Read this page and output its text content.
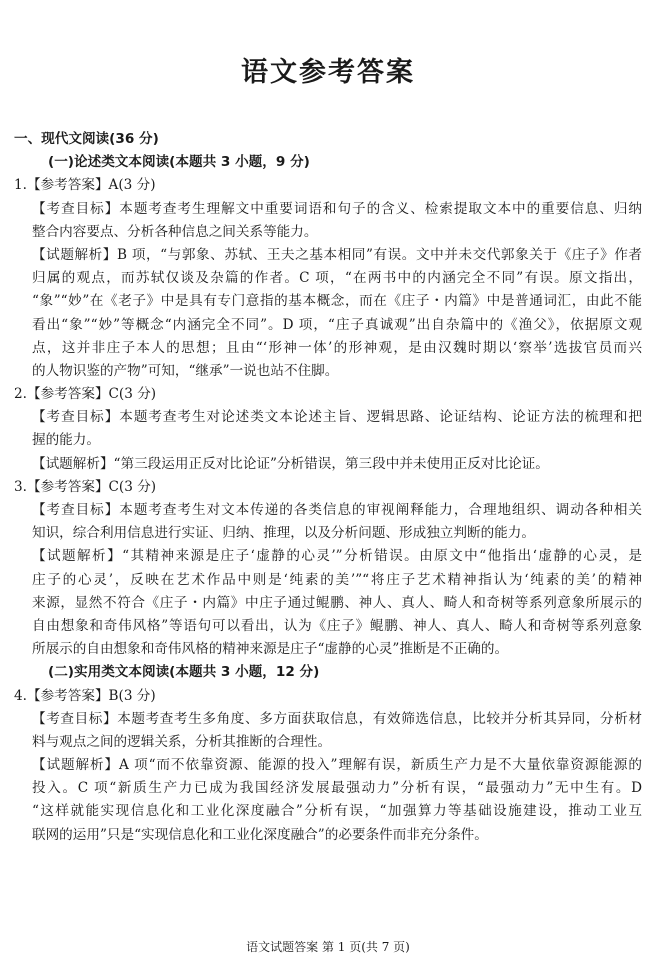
语文参考答案
一、现代文阅读(36 分)
(一)论述类文本阅读(本题共 3 小题，9 分)
1.【参考答案】A(3 分)
【考查目标】本题考查考生理解文中重要词语和句子的含义、检索提取文本中的重要信息、归纳
整合内容要点、分析各种信息之间关系等能力。
【试题解析】B 项，“与郭象、苏轼、王夫之基本相同”有误。文中并未交代郭象关于《庄子》作者
归属的观点，而苏轼仅谈及杂篇的作者。C 项，“在两书中的内涵完全不同”有误。原文指出，
“象”“妙”在《老子》中是具有专门意指的基本概念，而在《庄子・内篇》中是普通词汇，由此不能
看出“象”“妙”等概念“内涵完全不同”。D 项，“庄子真诚观”出自杂篇中的《渔父》，依据原文观
点，这并非庄子本人的思想；且由“‘形神一体’的形神观，是由汉魏时期以‘察举’选拔官员而兴
的人物识鉴的产物”可知，“继承”一说也站不住脚。
2.【参考答案】C(3 分)
【考查目标】本题考查考生对论述类文本论述主旨、逻辑思路、论证结构、论证方法的梳理和把
握的能力。
【试题解析】“第三段运用正反对比论证”分析错误，第三段中并未使用正反对比论证。
3.【参考答案】C(3 分)
【考查目标】本题考查考生对文本传递的各类信息的审视阐释能力，合理地组织、调动各种相关
知识，综合利用信息进行实证、归纳、推理，以及分析问题、形成独立判断的能力。
【试题解析】“其精神来源是庄子‘虚静的心灵’”分析错误。由原文中“他指出‘虚静的心灵，是
庄子的心灵’，反映在艺术作品中则是‘纯素的美’”“将庄子艺术精神指认为‘纯素的美’的精神
来源，显然不符合《庄子・内篇》中庄子通过鲲鹏、神人、真人、畸人和奇树等系列意象所展示的
自由想象和奇伟风格”等语句可以看出，认为《庄子》鲲鹏、神人、真人、畸人和奇树等系列意象
所展示的自由想象和奇伟风格的精神来源是庄子“虚静的心灵”推断是不正确的。
(二)实用类文本阅读(本题共 3 小题，12 分)
4.【参考答案】B(3 分)
【考查目标】本题考查考生多角度、多方面获取信息，有效筛选信息，比较并分析其异同，分析材
料与观点之间的逻辑关系，分析其推断的合理性。
【试题解析】A 项“而不依靠资源、能源的投入”理解有误，新质生产力是不大量依靠资源能源的
投入。C 项“新质生产力已成为我国经济发展最强动力”分析有误，“最强动力”无中生有。D
“这样就能实现信息化和工业化深度融合”分析有误，“加强算力等基础设施建设，推动工业互
联网的运用”只是“实现信息化和工业化深度融合”的必要条件而非充分条件。
语文试题答案 第 1 页(共 7 页)
